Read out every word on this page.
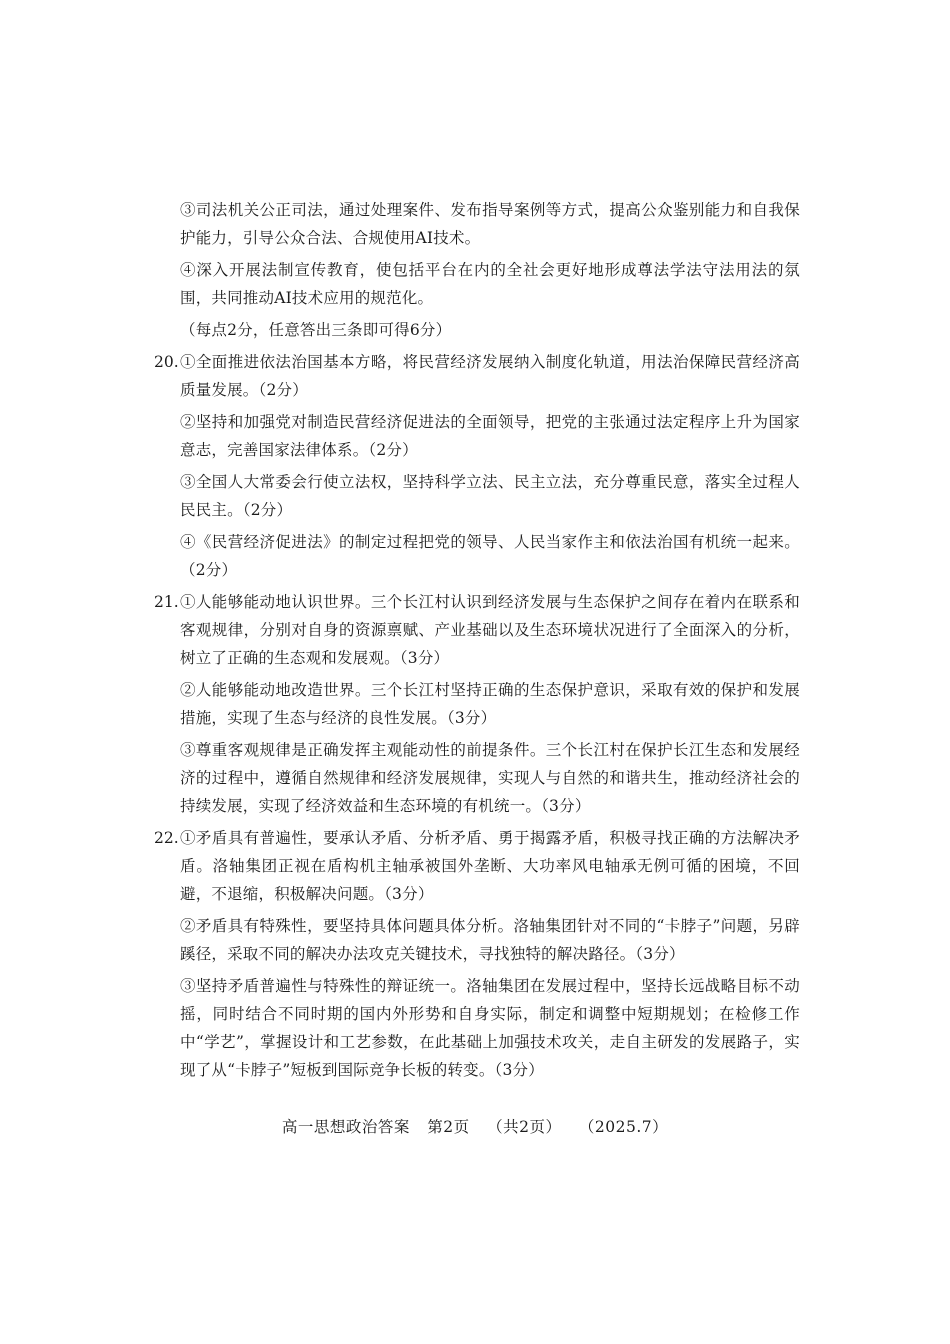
③司法机关公正司法，通过处理案件、发布指导案例等方式，提高公众鉴别能力和自我保护能力，引导公众合法、合规使用AI技术。

④深入开展法制宣传教育，使包括平台在内的全社会更好地形成尊法学法守法用法的氛围，共同推动AI技术应用的规范化。

（每点2分，任意答出三条即可得6分）

20. ①全面推进依法治国基本方略，将民营经济发展纳入制度化轨道，用法治保障民营经济高质量发展。（2分）

②坚持和加强党对制造民营经济促进法的全面领导，把党的主张通过法定程序上升为国家意志，完善国家法律体系。（2分）

③全国人大常委会行使立法权，坚持科学立法、民主立法，充分尊重民意，落实全过程人民民主。（2分）

④《民营经济促进法》的制定过程把党的领导、人民当家作主和依法治国有机统一起来。（2分）

21. ①人能够能动地认识世界。三个长江村认识到经济发展与生态保护之间存在着内在联系和客观规律，分别对自身的资源禀赋、产业基础以及生态环境状况进行了全面深入的分析，树立了正确的生态观和发展观。（3分）

②人能够能动地改造世界。三个长江村坚持正确的生态保护意识，采取有效的保护和发展措施，实现了生态与经济的良性发展。（3分）

③尊重客观规律是正确发挥主观能动性的前提条件。三个长江村在保护长江生态和发展经济的过程中，遵循自然规律和经济发展规律，实现人与自然的和谐共生，推动经济社会的持续发展，实现了经济效益和生态环境的有机统一。（3分）

22. ①矛盾具有普遍性，要承认矛盾、分析矛盾、勇于揭露矛盾，积极寻找正确的方法解决矛盾。洛轴集团正视在盾构机主轴承被国外垄断、大功率风电轴承无例可循的困境，不回避，不退缩，积极解决问题。（3分）

②矛盾具有特殊性，要坚持具体问题具体分析。洛轴集团针对不同的“卡脖子”问题，另辟蹊径，采取不同的解决办法攻克关键技术，寻找独特的解决路径。（3分）

③坚持矛盾普遍性与特殊性的辩证统一。洛轴集团在发展过程中，坚持长远战略目标不动摇，同时结合不同时期的国内外形势和自身实际，制定和调整中短期规划；在检修工作中“学艺”，掌握设计和工艺参数，在此基础上加强技术攻关，走自主研发的发展路子，实现了从“卡脖子”短板到国际竞争长板的转变。（3分）

高一思想政治答案 第2页 （共2页） （2025.7）
